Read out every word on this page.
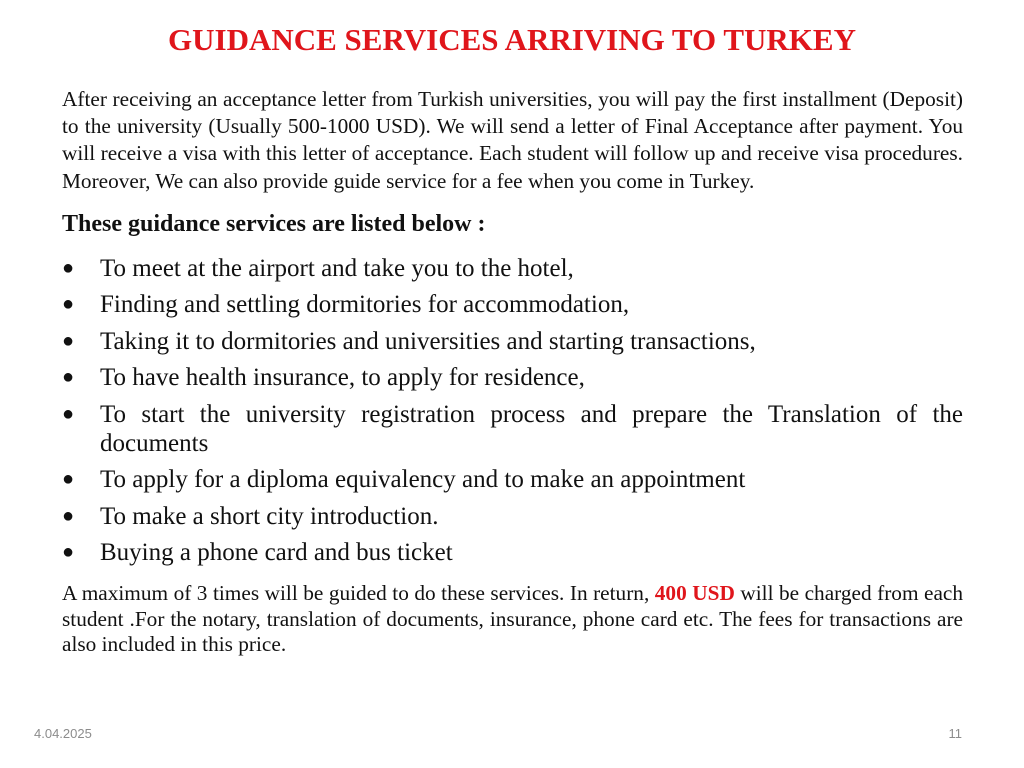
GUIDANCE SERVICES ARRIVING TO TURKEY

After receiving an acceptance letter from Turkish universities, you will pay the first installment (Deposit) to the university (Usually 500-1000 USD). We will send a letter of Final Acceptance after payment. You will receive a visa with this letter of acceptance. Each student will follow up and receive visa procedures. Moreover, We can also provide guide service for a fee when you come in Turkey.

These guidance services are listed below :
● To meet at the airport and take you to the hotel,
● Finding and settling dormitories for accommodation,
● Taking it to dormitories and universities and starting transactions,
● To have health insurance, to apply for residence,
● To start the university registration process and prepare the Translation of the documents
● To apply for a diploma equivalency and to make an appointment
● To make a short city introduction.
● Buying a phone card and bus ticket

A maximum of 3 times will be guided to do these services. In return, 400 USD will be charged from each student .For the notary, translation of documents, insurance, phone card etc. The fees for transactions are also included in this price.

4.04.2025	11
